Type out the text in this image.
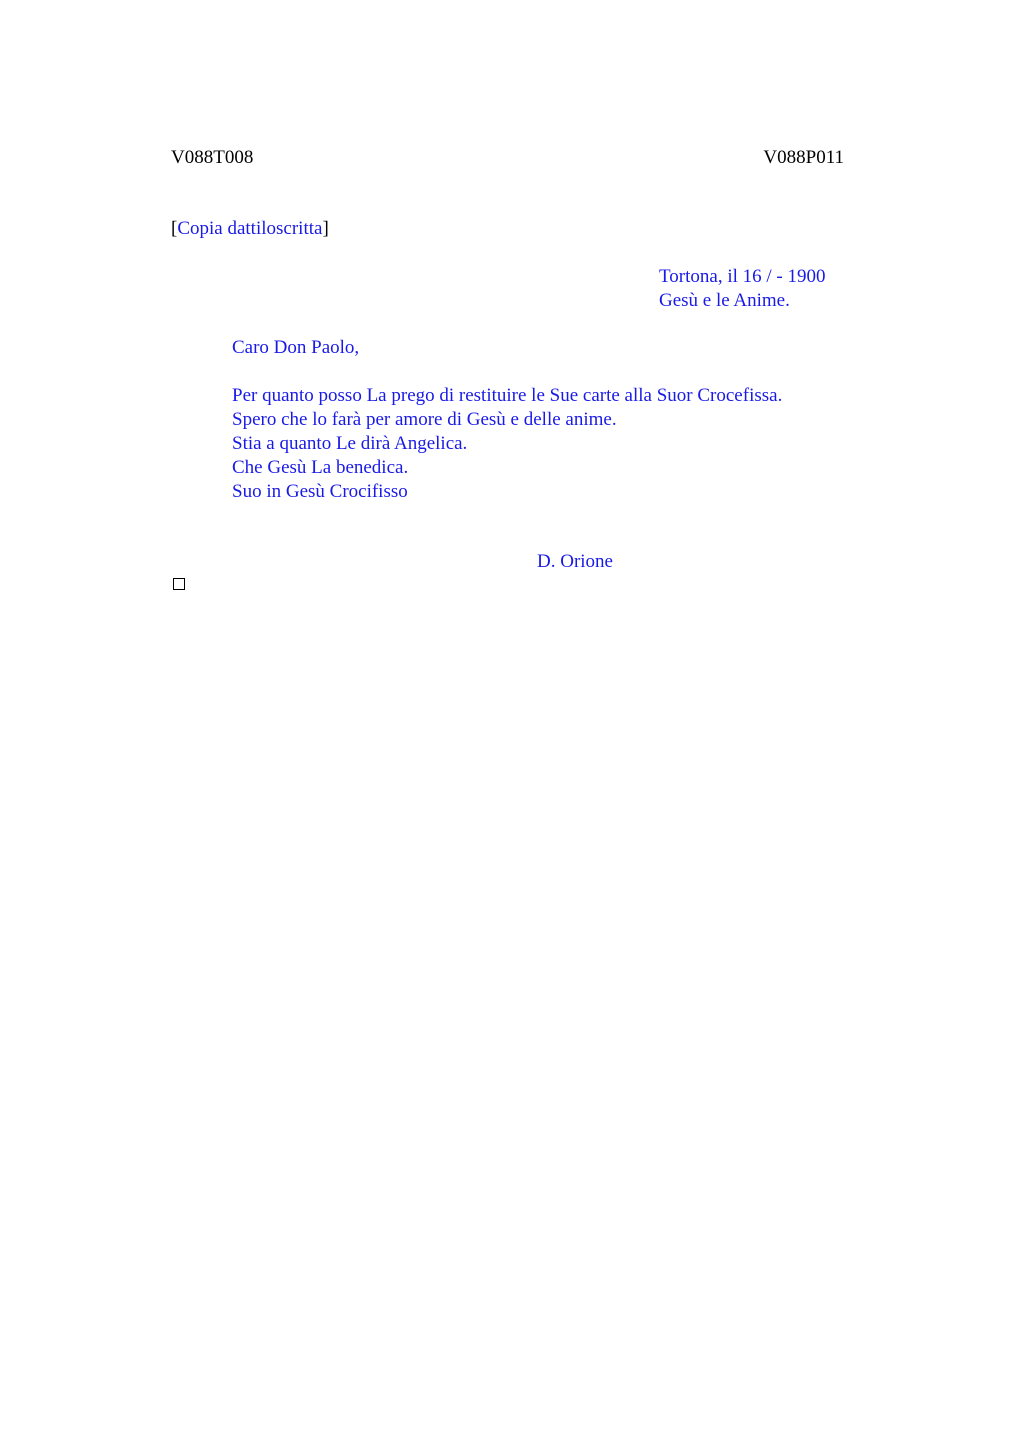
V088T008	V088P011
[Copia dattiloscritta]
Tortona, il 16 / - 1900
Gesù e le Anime.
Caro Don Paolo,
Per quanto posso La prego di restituire le Sue carte alla Suor Crocefissa.
Spero che lo farà per amore di Gesù e delle anime.
Stia a quanto Le dirà Angelica.
Che Gesù La benedica.
Suo in Gesù Crocifisso
D. Orione
